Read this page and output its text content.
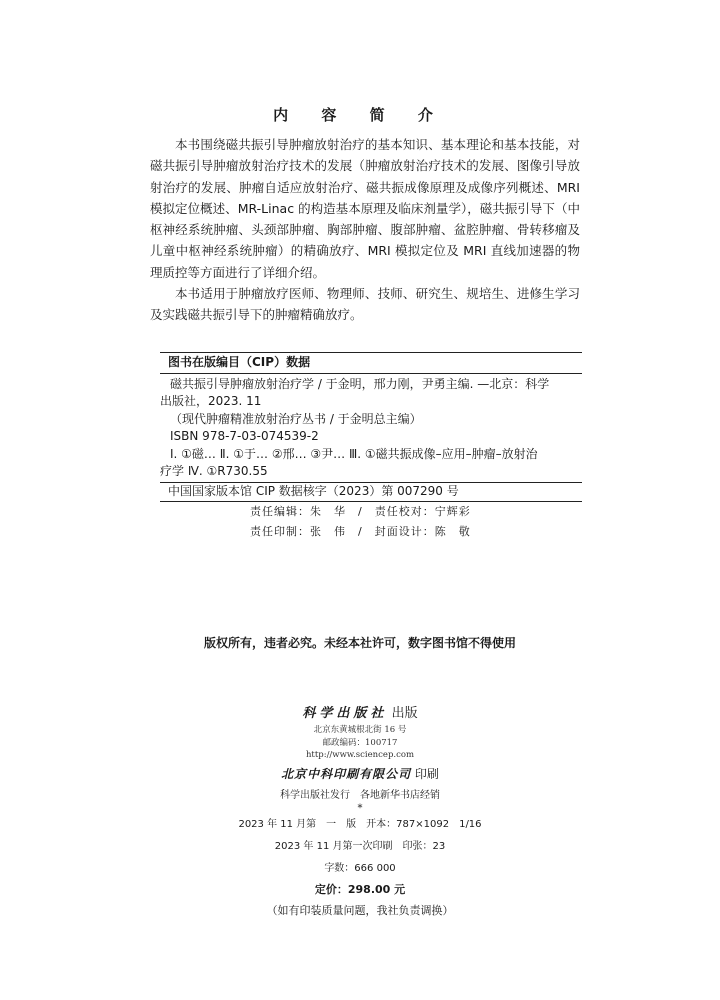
内 容 简 介

本书围绕磁共振引导肿瘤放射治疗的基本知识、基本理论和基本技能，对磁共振引导肿瘤放射治疗技术的发展（肿瘤放射治疗技术的发展、图像引导放射治疗的发展、肿瘤自适应放射治疗、磁共振成像原理及成像序列概述、MRI 模拟定位概述、MR-Linac 的构造基本原理及临床剂量学），磁共振引导下（中枢神经系统肿瘤、头颈部肿瘤、胸部肿瘤、腹部肿瘤、盆腔肿瘤、骨转移瘤及儿童中枢神经系统肿瘤）的精确放疗、MRI 模拟定位及 MRI 直线加速器的物理质控等方面进行了详细介绍。

本书适用于肿瘤放疗医师、物理师、技师、研究生、规培生、进修生学习及实践磁共振引导下的肿瘤精确放疗。

图书在版编目（CIP）数据

磁共振引导肿瘤放射治疗学 / 于金明，邢力刚，尹勇主编. —北京：科学

出版社，2023. 11

（现代肿瘤精准放射治疗丛书 / 于金明总主编）

ISBN 978-7-03-074539-2

Ⅰ. ①磁… Ⅱ. ①于… ②邢… ③尹… Ⅲ. ①磁共振成像–应用–肿瘤–放射治

疗学 Ⅳ. ①R730.55

中国国家版本馆 CIP 数据核字（2023）第 007290 号
责任编辑：朱　华　/　责任校对：宁辉彩
责任印制：张　伟　/　封面设计：陈　敬
版权所有，违者必究。未经本社许可，数字图书馆不得使用
科学出版社 出版
北京东黄城根北街 16 号
邮政编码：100717
http://www.sciencep.com
北京中科印刷有限公司 印刷
科学出版社发行　各地新华书店经销
*
2023 年 11 月第　一　版　开本：787×1092　1/16
2023 年 11 月第一次印刷　印张：23
字数：666 000
定价：298.00 元
（如有印装质量问题，我社负责调换）
